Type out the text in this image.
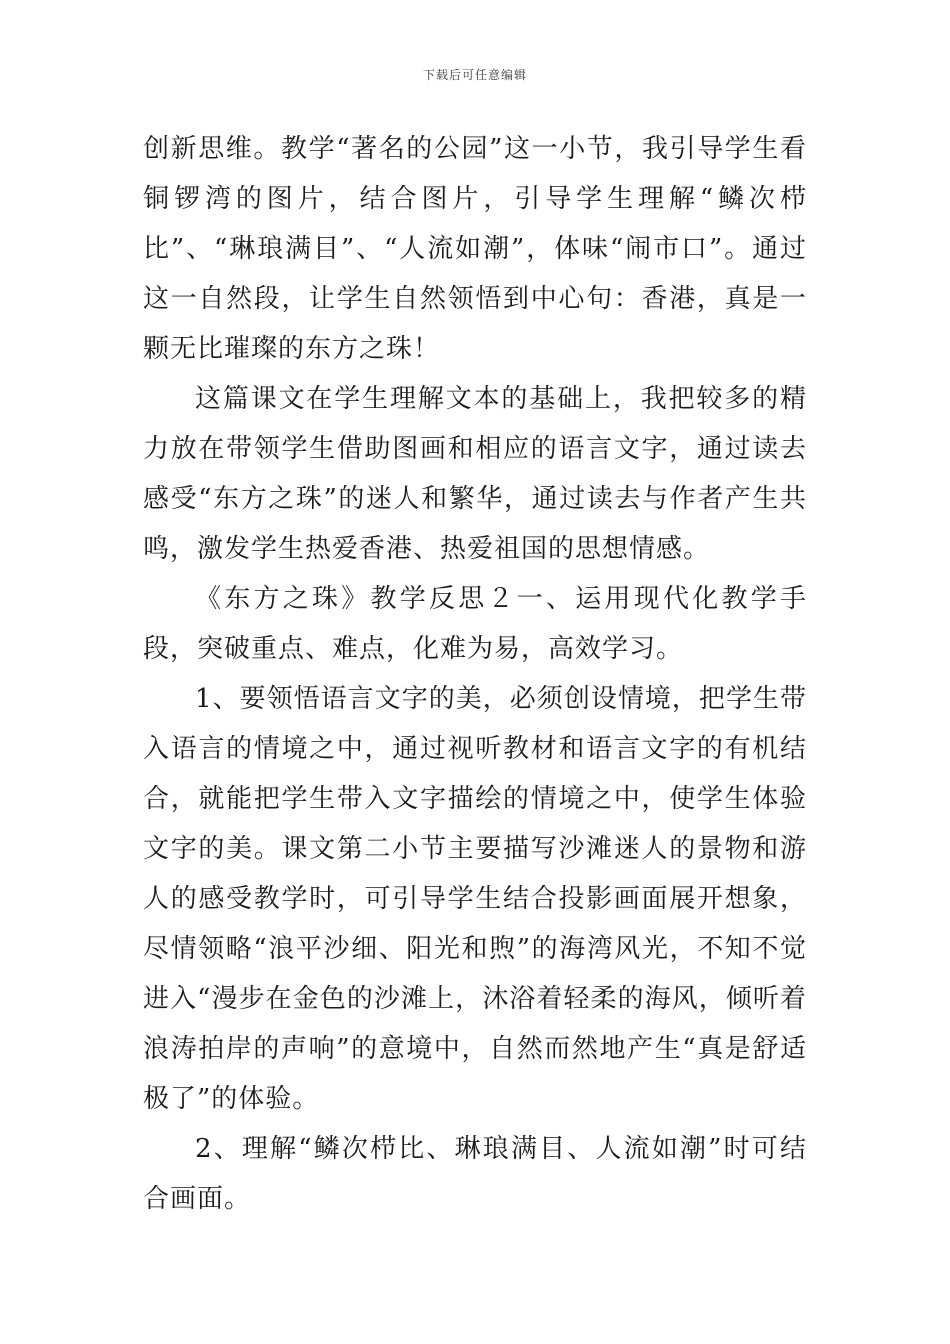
下载后可任意编辑

创新思维。教学“著名的公园”这一小节，我引导学生看铜锣湾的图片，结合图片，引导学生理解“鳞次栉比”、“琳琅满目”、“人流如潮”，体味“闹市口”。通过这一自然段，让学生自然领悟到中心句：香港，真是一颗无比璀璨的东方之珠！

这篇课文在学生理解文本的基础上，我把较多的精力放在带领学生借助图画和相应的语言文字，通过读去感受“东方之珠”的迷人和繁华，通过读去与作者产生共鸣，激发学生热爱香港、热爱祖国的思想情感。

《东方之珠》教学反思２一、运用现代化教学手段，突破重点、难点，化难为易，高效学习。

1、要领悟语言文字的美，必须创设情境，把学生带入语言的情境之中，通过视听教材和语言文字的有机结合，就能把学生带入文字描绘的情境之中，使学生体验文字的美。课文第二小节主要描写沙滩迷人的景物和游人的感受教学时，可引导学生结合投影画面展开想象，尽情领略“浪平沙细、阳光和煦”的海湾风光，不知不觉进入“漫步在金色的沙滩上，沐浴着轻柔的海风，倾听着浪涛拍岸的声响”的意境中，自然而然地产生“真是舒适极了”的体验。

2、理解“鳞次栉比、琳琅满目、人流如潮”时可结合画面。
